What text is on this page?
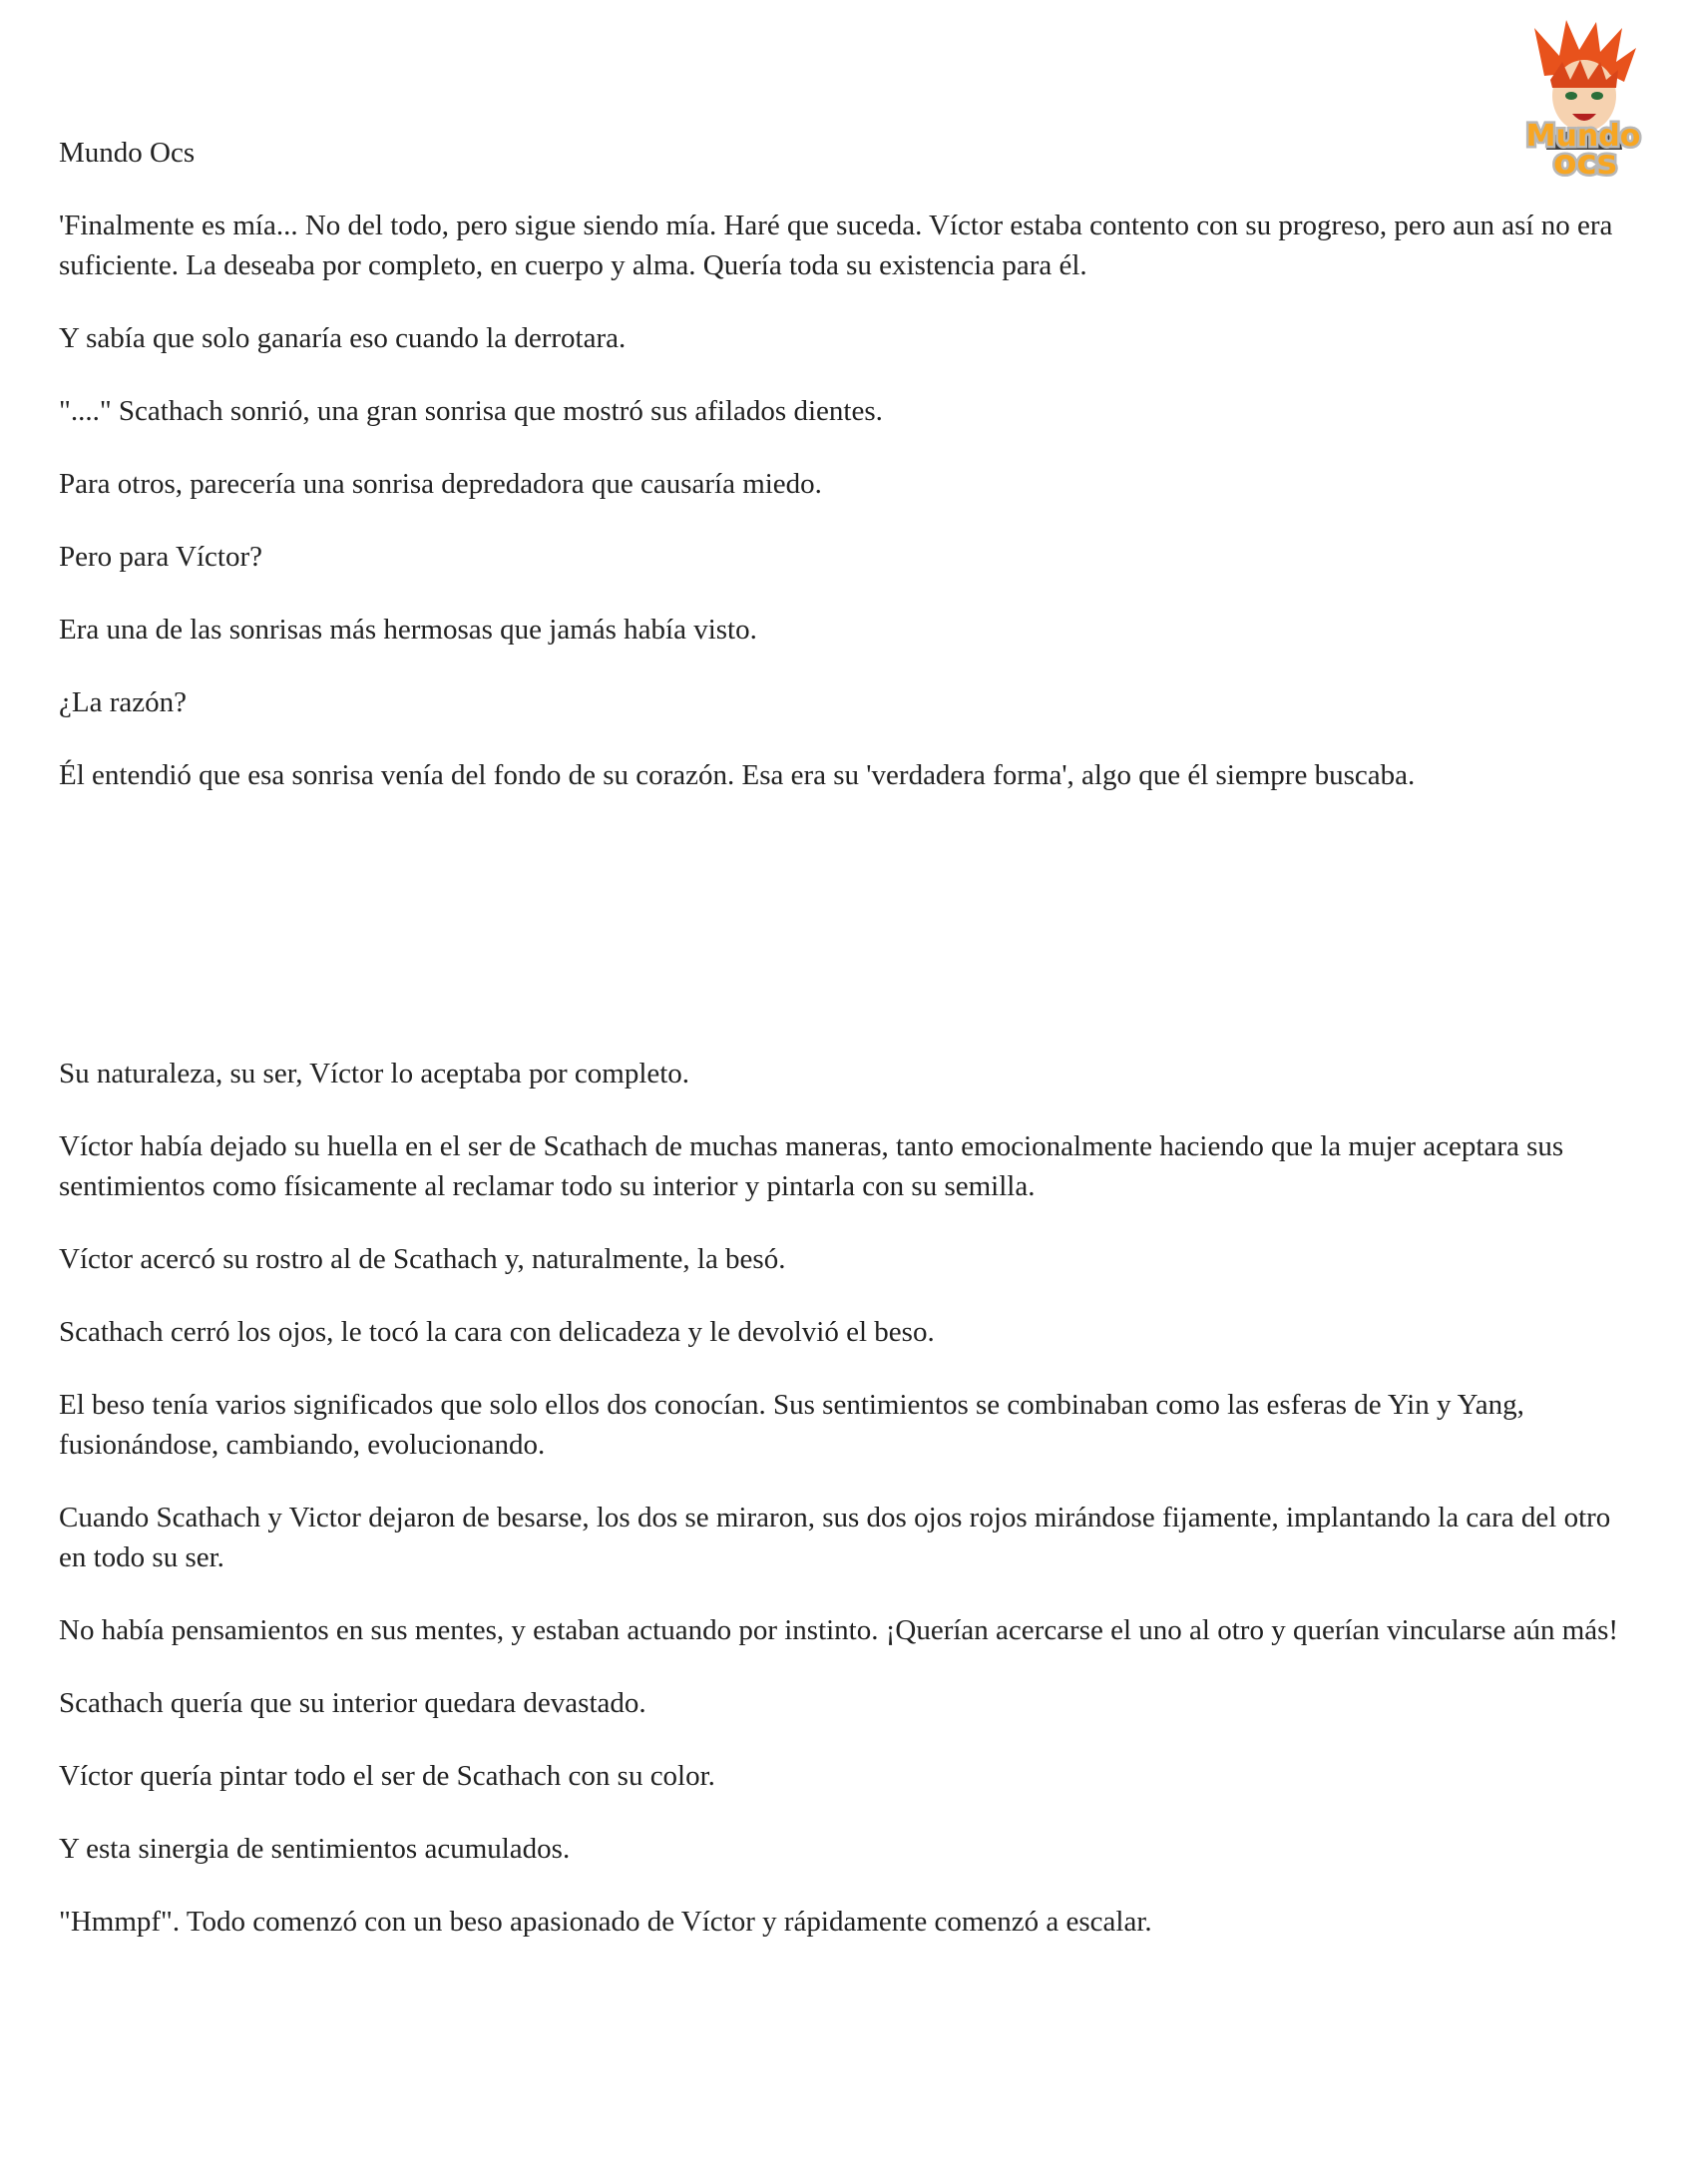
Mundo
ocs

Mundo Ocs

'Finalmente es mía... No del todo, pero sigue siendo mía. Haré que suceda. Víctor estaba contento con su progreso, pero aun así no era suficiente. La deseaba por completo, en cuerpo y alma. Quería toda su existencia para él.

Y sabía que solo ganaría eso cuando la derrotara.

"...." Scathach sonrió, una gran sonrisa que mostró sus afilados dientes.

Para otros, parecería una sonrisa depredadora que causaría miedo.

Pero para Víctor?

Era una de las sonrisas más hermosas que jamás había visto.

¿La razón?

Él entendió que esa sonrisa venía del fondo de su corazón. Esa era su 'verdadera forma', algo que él siempre buscaba.

Su naturaleza, su ser, Víctor lo aceptaba por completo.

Víctor había dejado su huella en el ser de Scathach de muchas maneras, tanto emocionalmente haciendo que la mujer aceptara sus sentimientos como físicamente al reclamar todo su interior y pintarla con su semilla.

Víctor acercó su rostro al de Scathach y, naturalmente, la besó.

Scathach cerró los ojos, le tocó la cara con delicadeza y le devolvió el beso.

El beso tenía varios significados que solo ellos dos conocían. Sus sentimientos se combinaban como las esferas de Yin y Yang, fusionándose, cambiando, evolucionando.

Cuando Scathach y Victor dejaron de besarse, los dos se miraron, sus dos ojos rojos mirándose fijamente, implantando la cara del otro en todo su ser.

No había pensamientos en sus mentes, y estaban actuando por instinto. ¡Querían acercarse el uno al otro y querían vincularse aún más!

Scathach quería que su interior quedara devastado.

Víctor quería pintar todo el ser de Scathach con su color.

Y esta sinergia de sentimientos acumulados.

"Hmmpf". Todo comenzó con un beso apasionado de Víctor y rápidamente comenzó a escalar.
